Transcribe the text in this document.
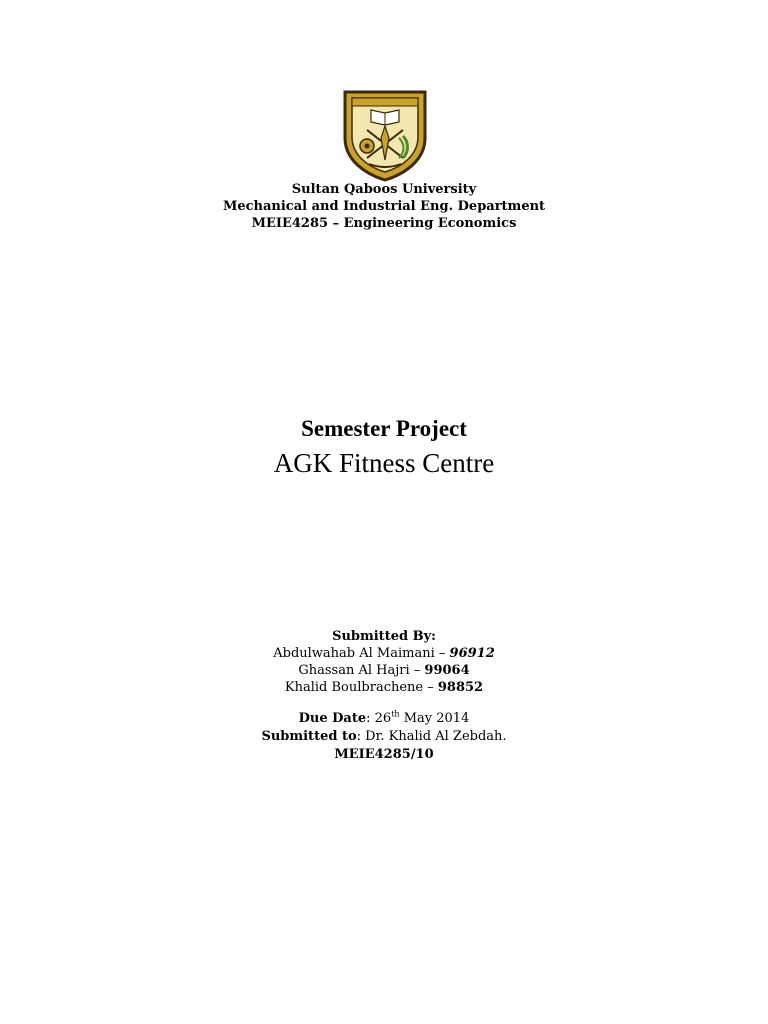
Sultan Qaboos University
Mechanical and Industrial Eng. Department
MEIE4285 – Engineering Economics
Semester Project
AGK Fitness Centre
Submitted By:
Abdulwahab Al Maimani – 96912
Ghassan Al Hajri – 99064
Khalid Boulbrachene – 98852
Due Date: 26th May 2014
Submitted to: Dr. Khalid Al Zebdah.
MEIE4285/10
